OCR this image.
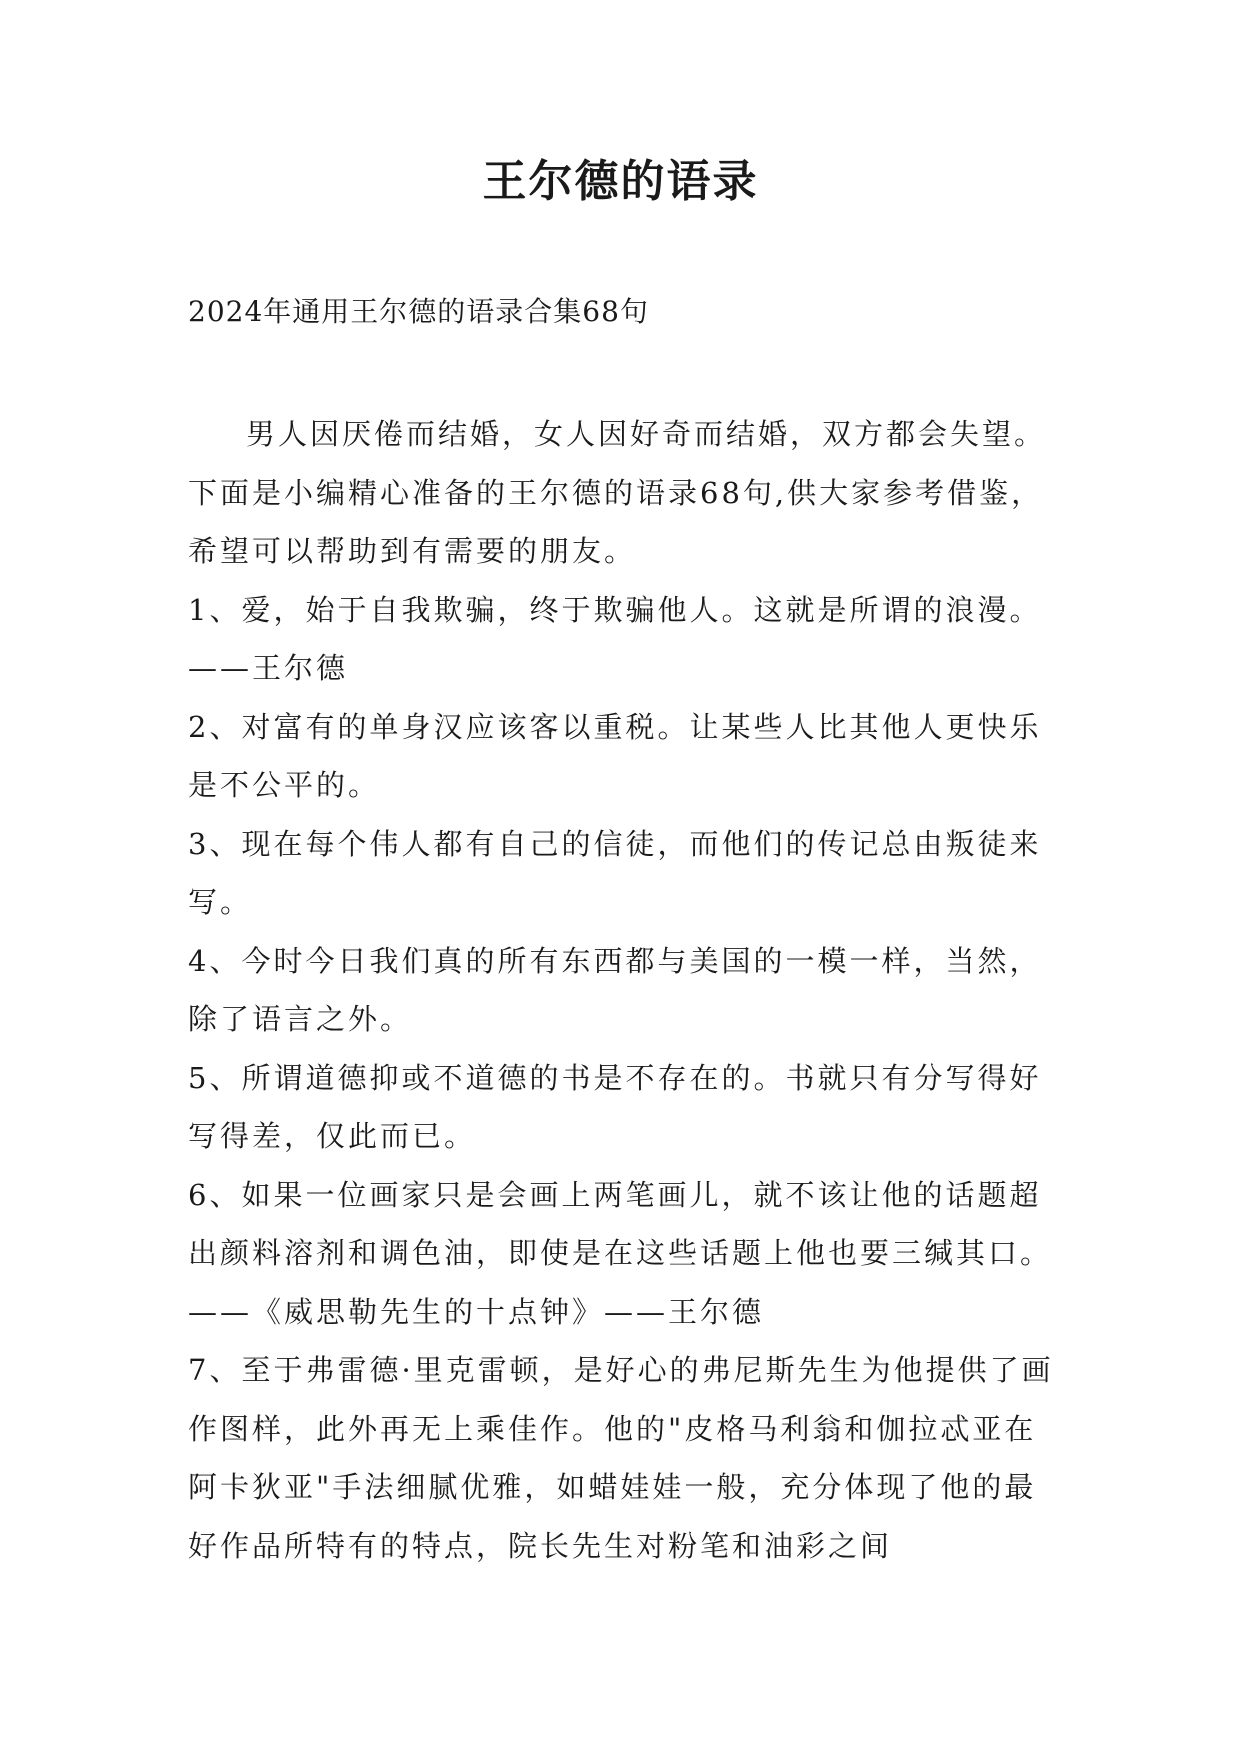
王尔德的语录
2024年通用王尔德的语录合集68句

男人因厌倦而结婚，女人因好奇而结婚，双方都会失望。下面是小编精心准备的王尔德的语录68句,供大家参考借鉴，希望可以帮助到有需要的朋友。

1、爱，始于自我欺骗，终于欺骗他人。这就是所谓的浪漫。——王尔德

2、对富有的单身汉应该客以重税。让某些人比其他人更快乐是不公平的。

3、现在每个伟人都有自己的信徒，而他们的传记总由叛徒来写。

4、今时今日我们真的所有东西都与美国的一模一样，当然，除了语言之外。

5、所谓道德抑或不道德的书是不存在的。书就只有分写得好写得差，仅此而已。

6、如果一位画家只是会画上两笔画儿，就不该让他的话题超出颜料溶剂和调色油，即使是在这些话题上他也要三缄其口。——《威思勒先生的十点钟》——王尔德

7、至于弗雷德·里克雷顿，是好心的弗尼斯先生为他提供了画作图样，此外再无上乘佳作。他的"皮格马利翁和伽拉忒亚在阿卡狄亚"手法细腻优雅，如蜡娃娃一般，充分体现了他的最好作品所特有的特点，院长先生对粉笔和油彩之间
